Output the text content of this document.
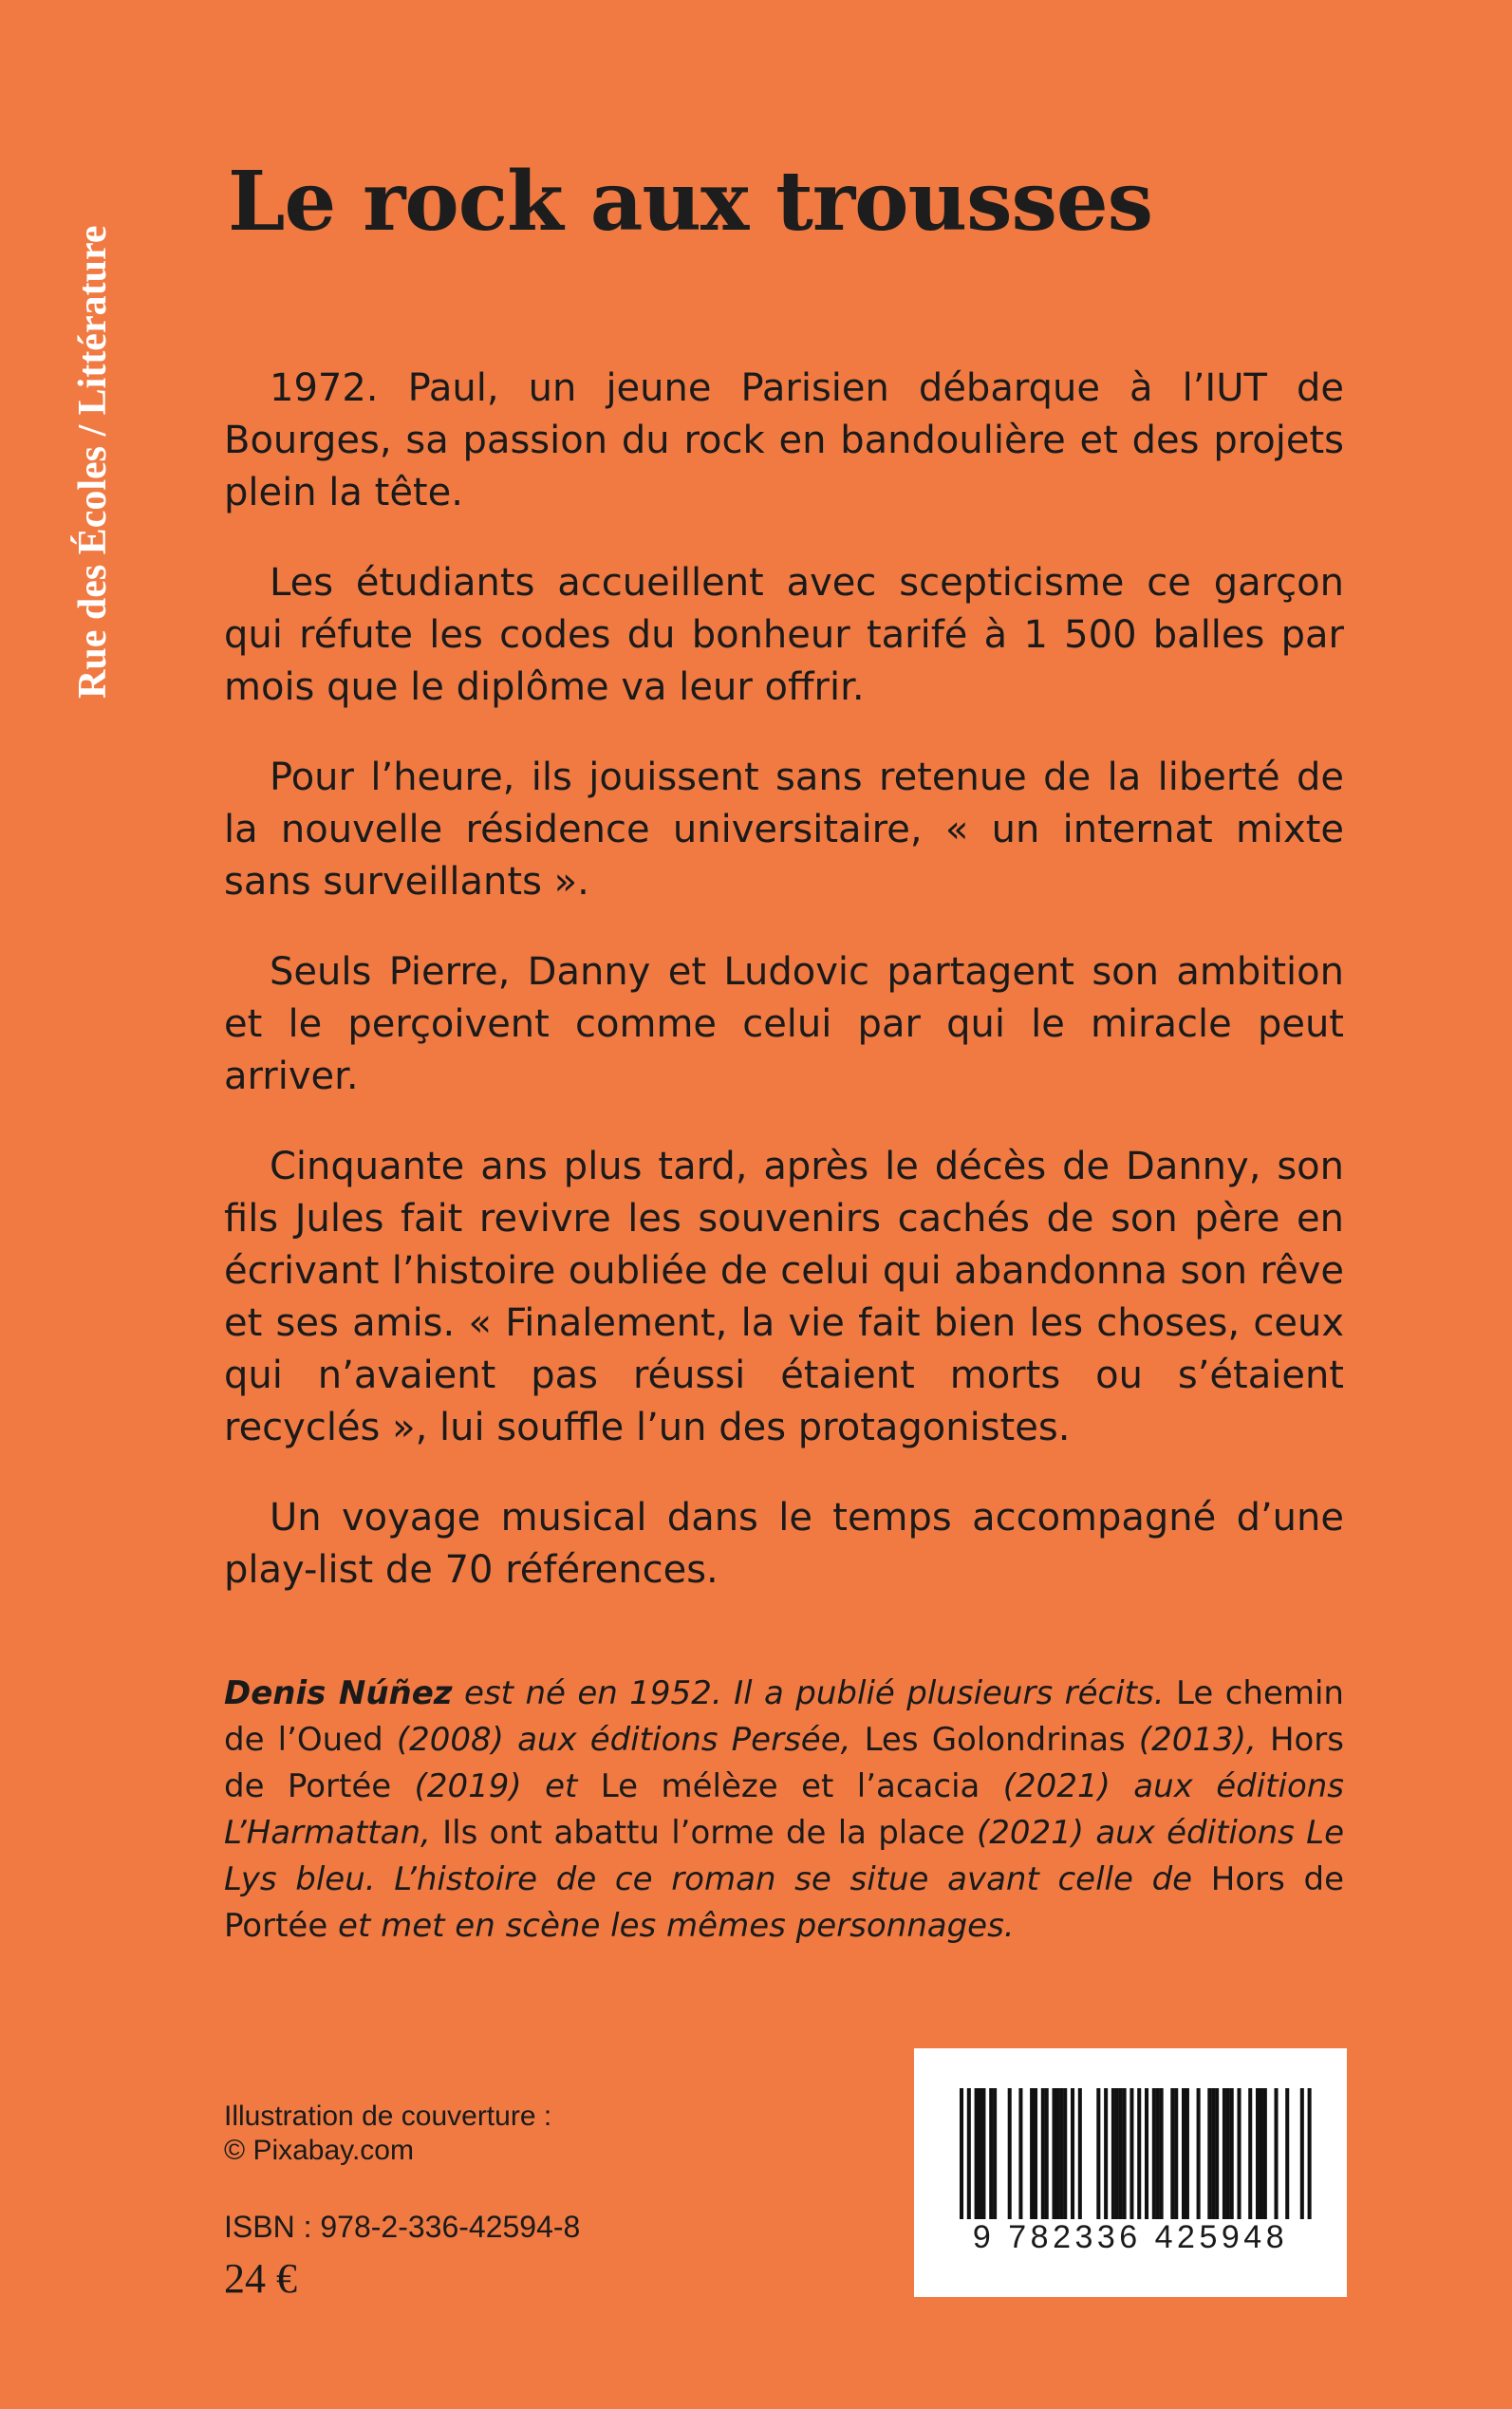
Rue des Écoles / Littérature
Le rock aux trousses

1972. Paul, un jeune Parisien débarque à l’IUT de Bourges, sa passion du rock en bandoulière et des projets plein la tête.

Les étudiants accueillent avec scepticisme ce garçon qui réfute les codes du bonheur tarifé à 1 500 balles par mois que le diplôme va leur offrir.

Pour l’heure, ils jouissent sans retenue de la liberté de la nouvelle résidence universitaire, « un internat mixte sans surveillants ».

Seuls Pierre, Danny et Ludovic partagent son ambition et le perçoivent comme celui par qui le miracle peut arriver.

Cinquante ans plus tard, après le décès de Danny, son fils Jules fait revivre les souvenirs cachés de son père en écrivant l’histoire oubliée de celui qui abandonna son rêve et ses amis. « Finalement, la vie fait bien les choses, ceux qui n’avaient pas réussi étaient morts ou s’étaient recyclés », lui souffle l’un des protagonistes.

Un voyage musical dans le temps accompagné d’une play-list de 70 références.

Denis Núñez est né en 1952. Il a publié plusieurs récits. Le chemin de l’Oued (2008) aux éditions Persée, Les Golondrinas (2013), Hors de Portée (2019) et Le mélèze et l’acacia (2021) aux éditions L’Harmattan, Ils ont abattu l’orme de la place (2021) aux éditions Le Lys bleu. L’histoire de ce roman se situe avant celle de Hors de Portée et met en scène les mêmes personnages.
Illustration de couverture :
© Pixabay.com
ISBN : 978-2-336-42594-8
24 €
9 782336 425948
